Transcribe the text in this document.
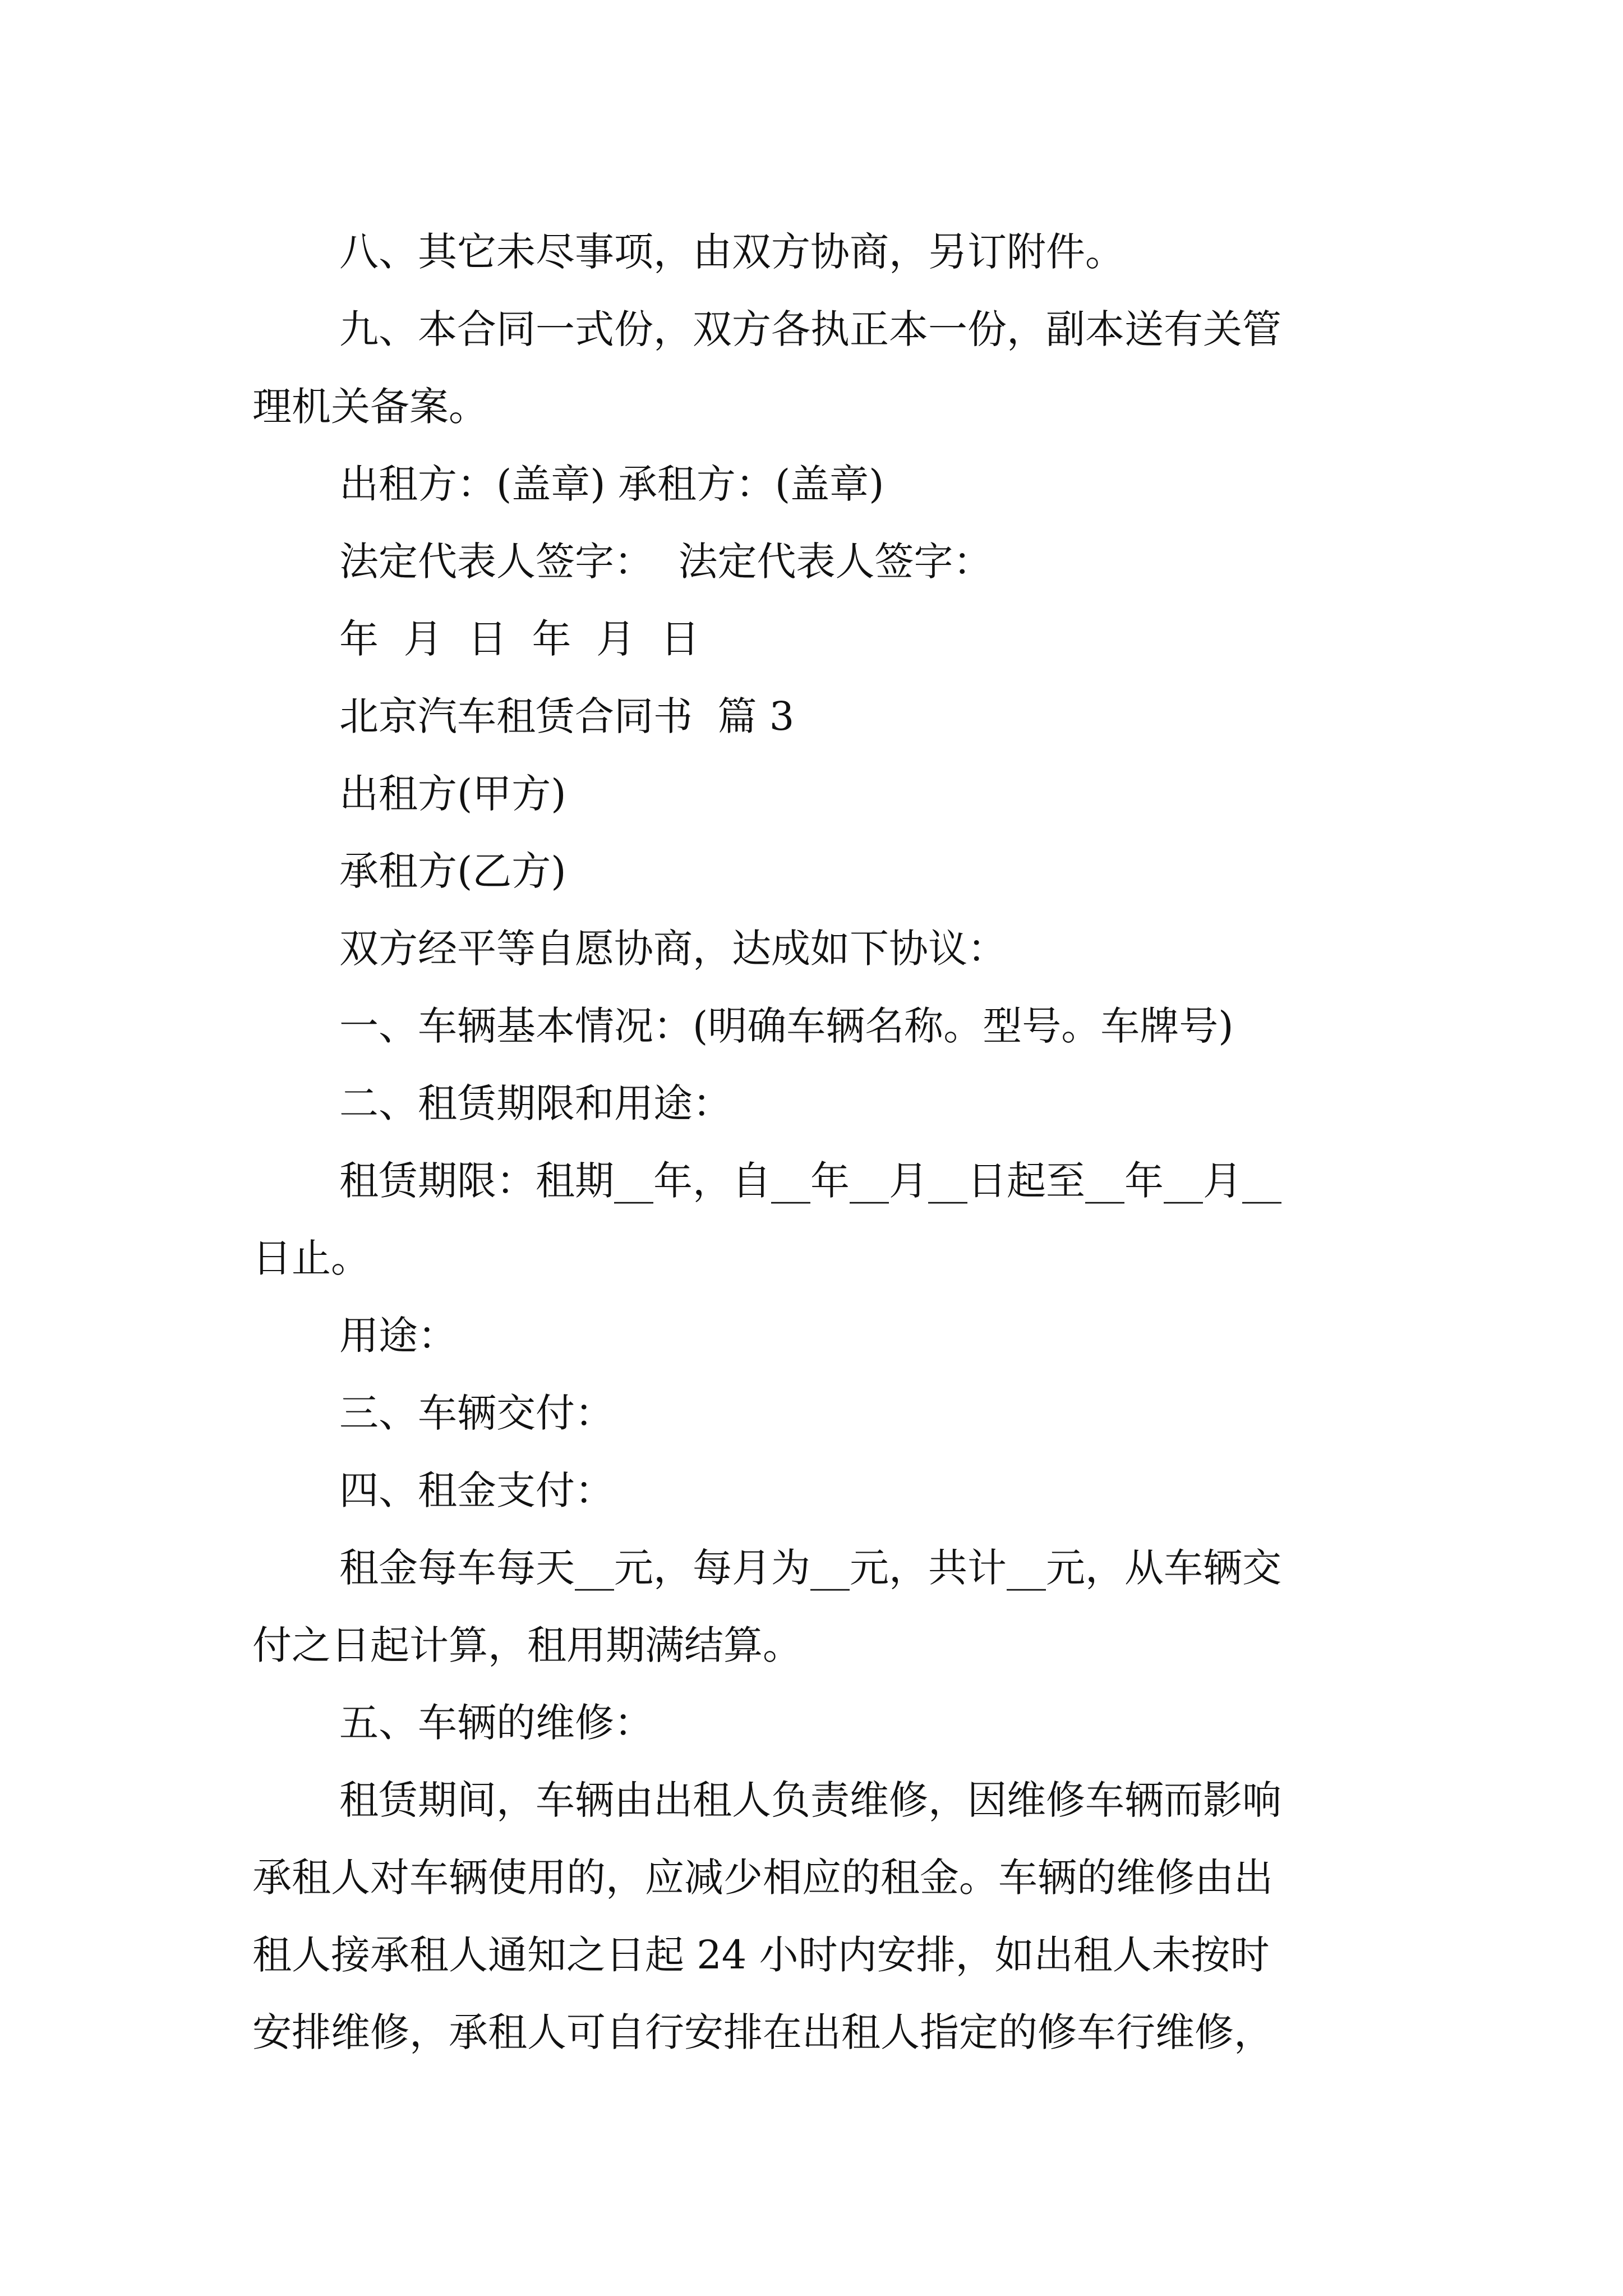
八、其它未尽事项，由双方协商，另订附件。

九、本合同一式份，双方各执正本一份，副本送有关管

理机关备案。

出租方：(盖章) 承租方：(盖章)

法定代表人签字：  法定代表人签字：

年  月  日  年  月  日

北京汽车租赁合同书  篇 3

出租方(甲方)

承租方(乙方)

双方经平等自愿协商，达成如下协议：

一、车辆基本情况：(明确车辆名称。型号。车牌号)

二、租赁期限和用途：

租赁期限：租期__年，自__年__月__日起至__年__月__

日止。

用途：

三、车辆交付：

四、租金支付：

租金每车每天__元，每月为__元，共计__元，从车辆交

付之日起计算，租用期满结算。

五、车辆的维修：

租赁期间，车辆由出租人负责维修，因维修车辆而影响

承租人对车辆使用的，应减少相应的租金。车辆的维修由出

租人接承租人通知之日起 24 小时内安排，如出租人未按时

安排维修，承租人可自行安排在出租人指定的修车行维修，
